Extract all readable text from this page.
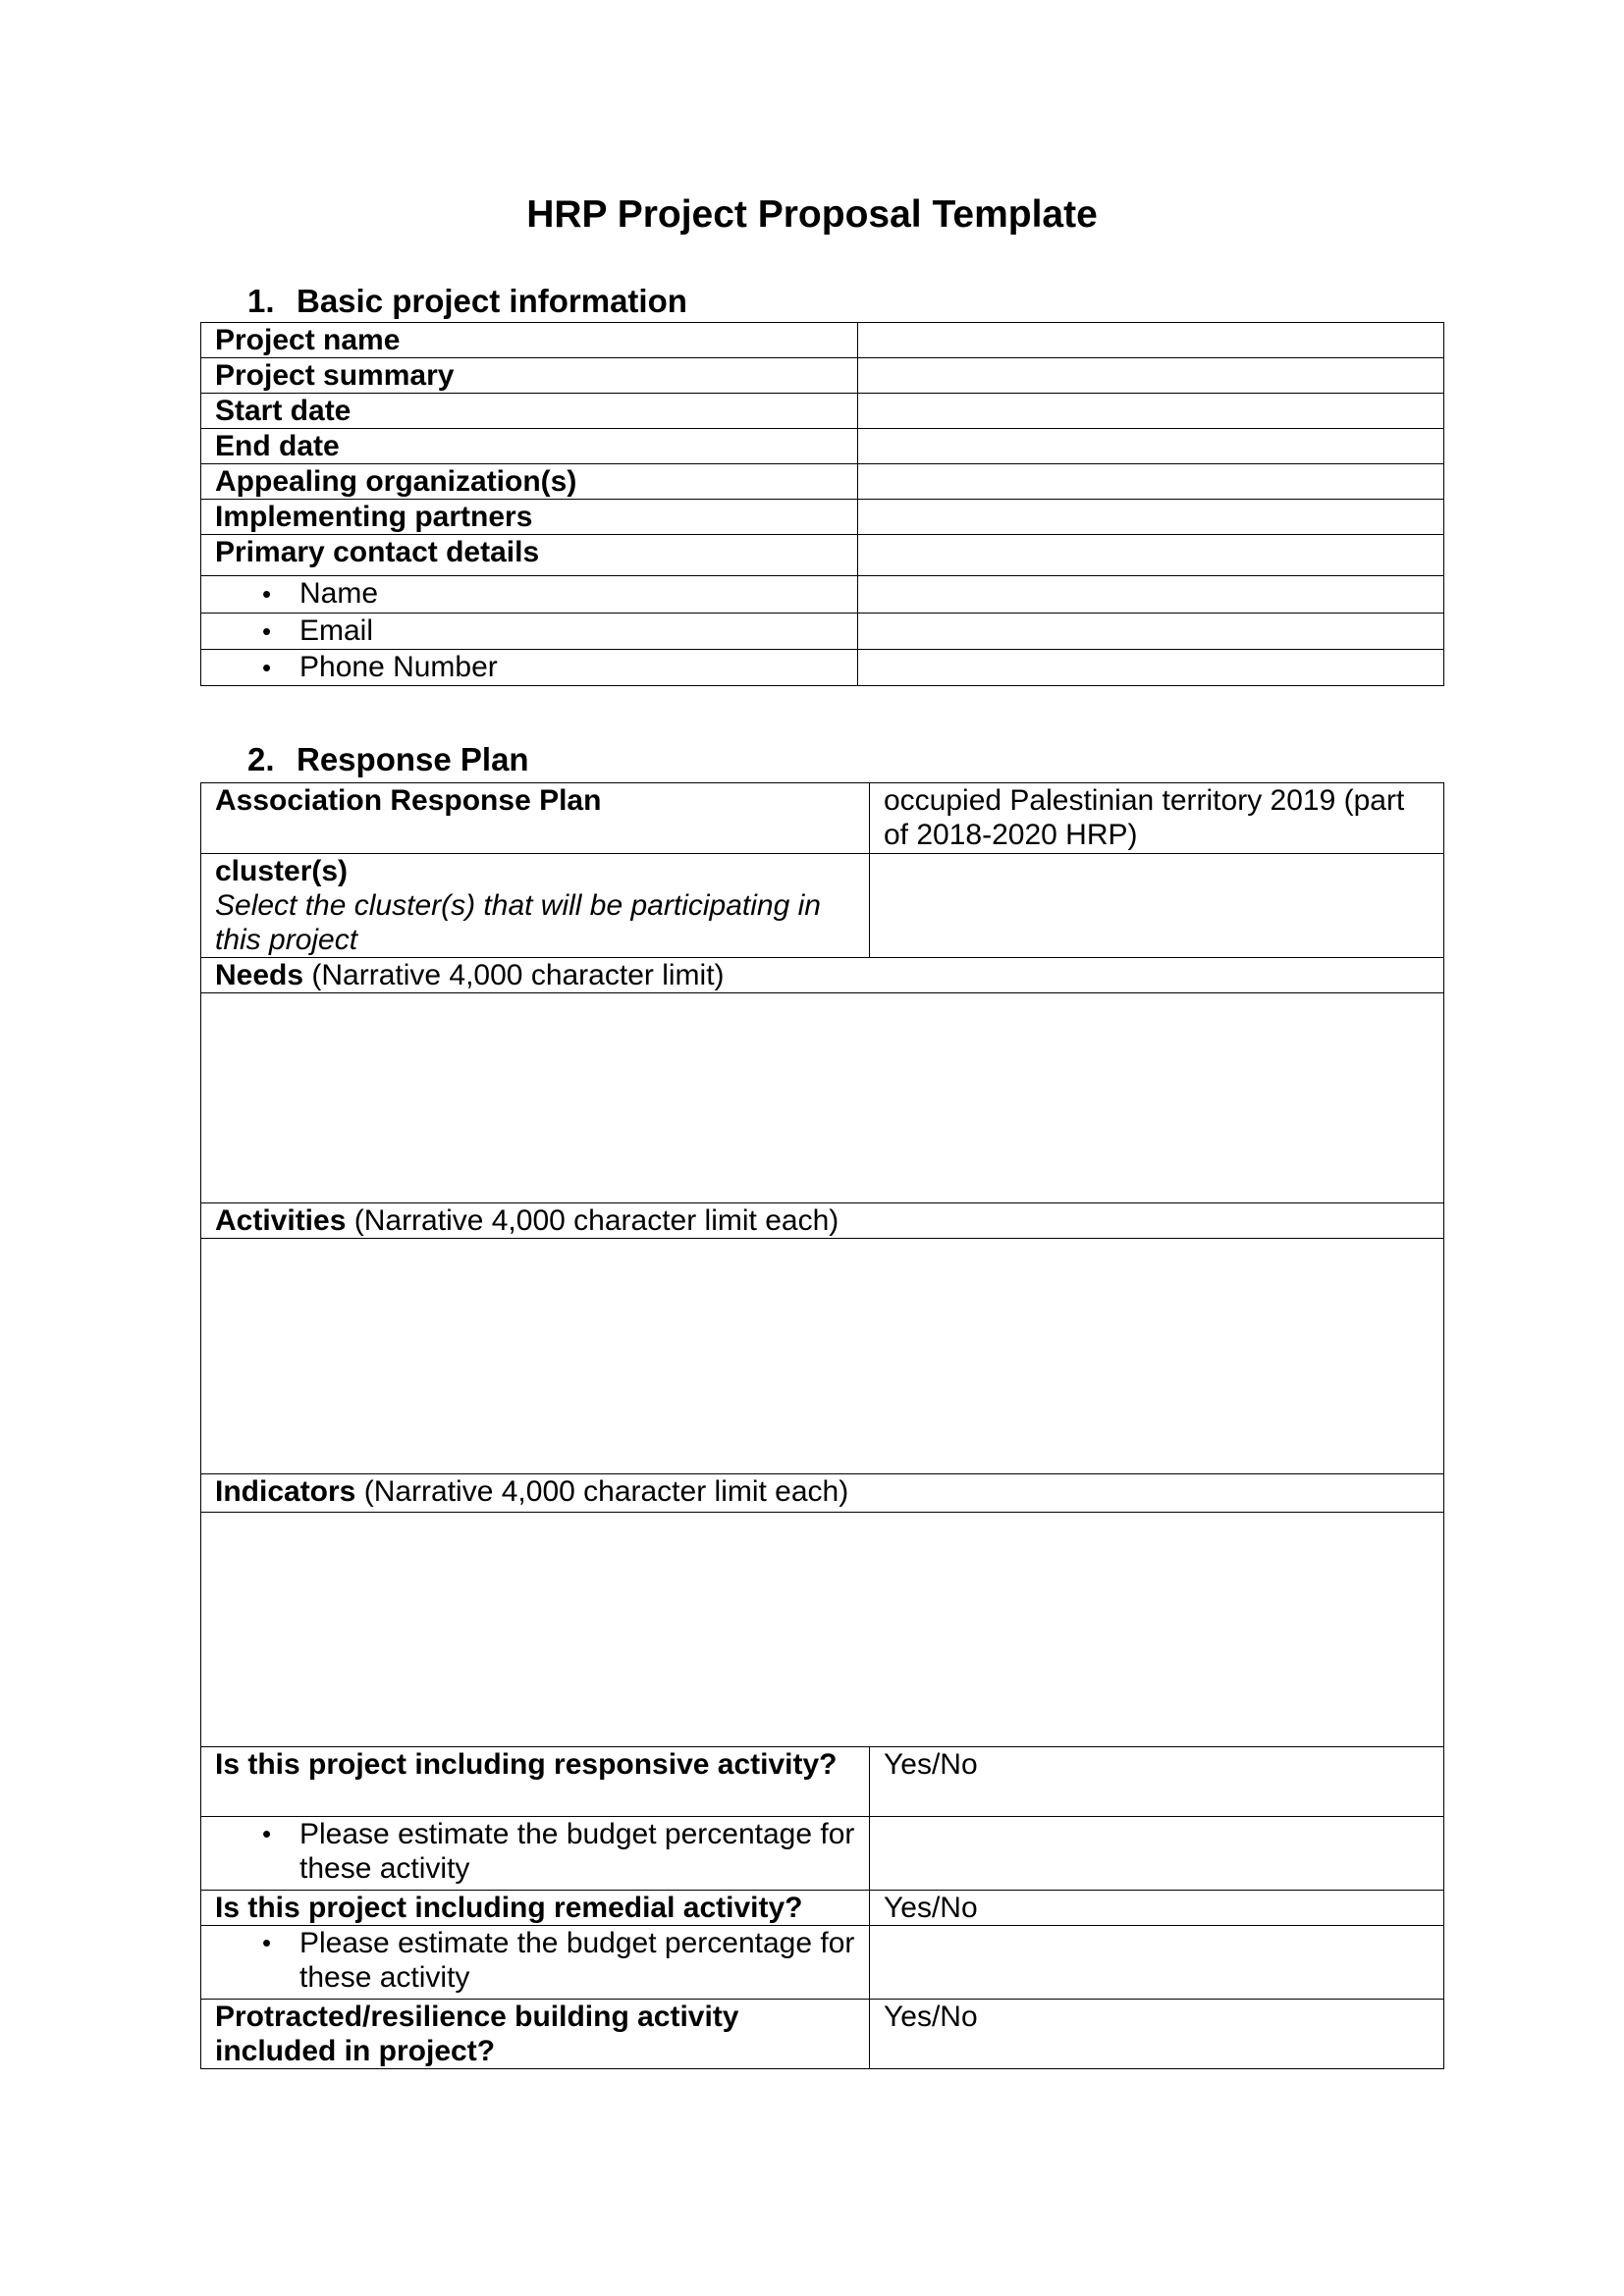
HRP Project Proposal Template
1. Basic project information
Project name	
Project summary	
Start date	
End date	
Appealing organization(s)	
Implementing partners	
Primary contact details	
• Name	
• Email	
• Phone Number	
2. Response Plan
Association Response Plan	occupied Palestinian territory 2019 (part of 2018-2020 HRP)

cluster(s)
Select the cluster(s) that will be participating in this project	

Needs (Narrative 4,000 character limit)	

Activities (Narrative 4,000 character limit each)	

Indicators (Narrative 4,000 character limit each)	

Is this project including responsive activity?	Yes/No

• Please estimate the budget percentage for these activity	

Is this project including remedial activity?	Yes/No

• Please estimate the budget percentage for these activity	

Protracted/resilience building activity included in project?	Yes/No
